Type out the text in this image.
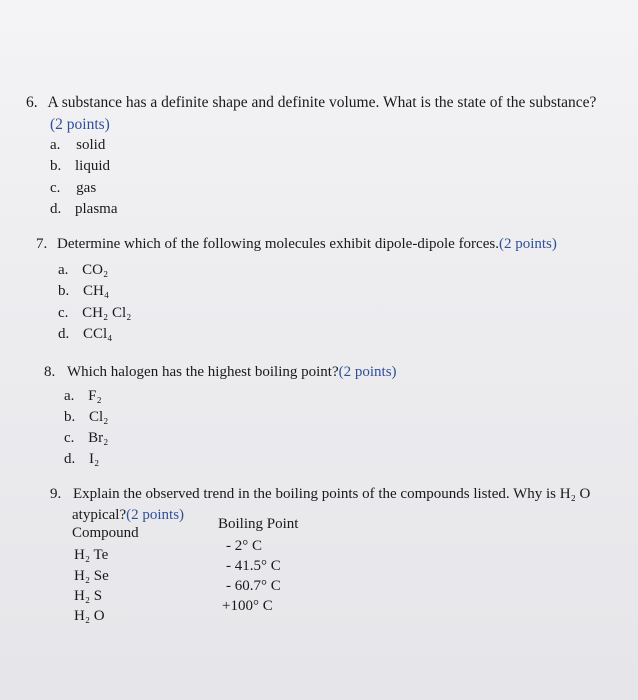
6. A substance has a definite shape and definite volume. What is the state of the substance?
(2 points)
a. solid
b. liquid
c. gas
d. plasma
7. Determine which of the following molecules exhibit dipole-dipole forces.(2 points)
a. CO₂
b. CH₄
c. CH₂ Cl₂
d. CCl₄
8. Which halogen has the highest boiling point?(2 points)
a. F₂
b. Cl₂
c. Br₂
d. I₂
9. Explain the observed trend in the boiling points of the compounds listed. Why is H₂ O
atypical?(2 points)
Compound
Boiling Point
H₂ Te
- 2° C
H₂ Se
- 41.5° C
H₂ S
- 60.7° C
H₂ O
+100° C
